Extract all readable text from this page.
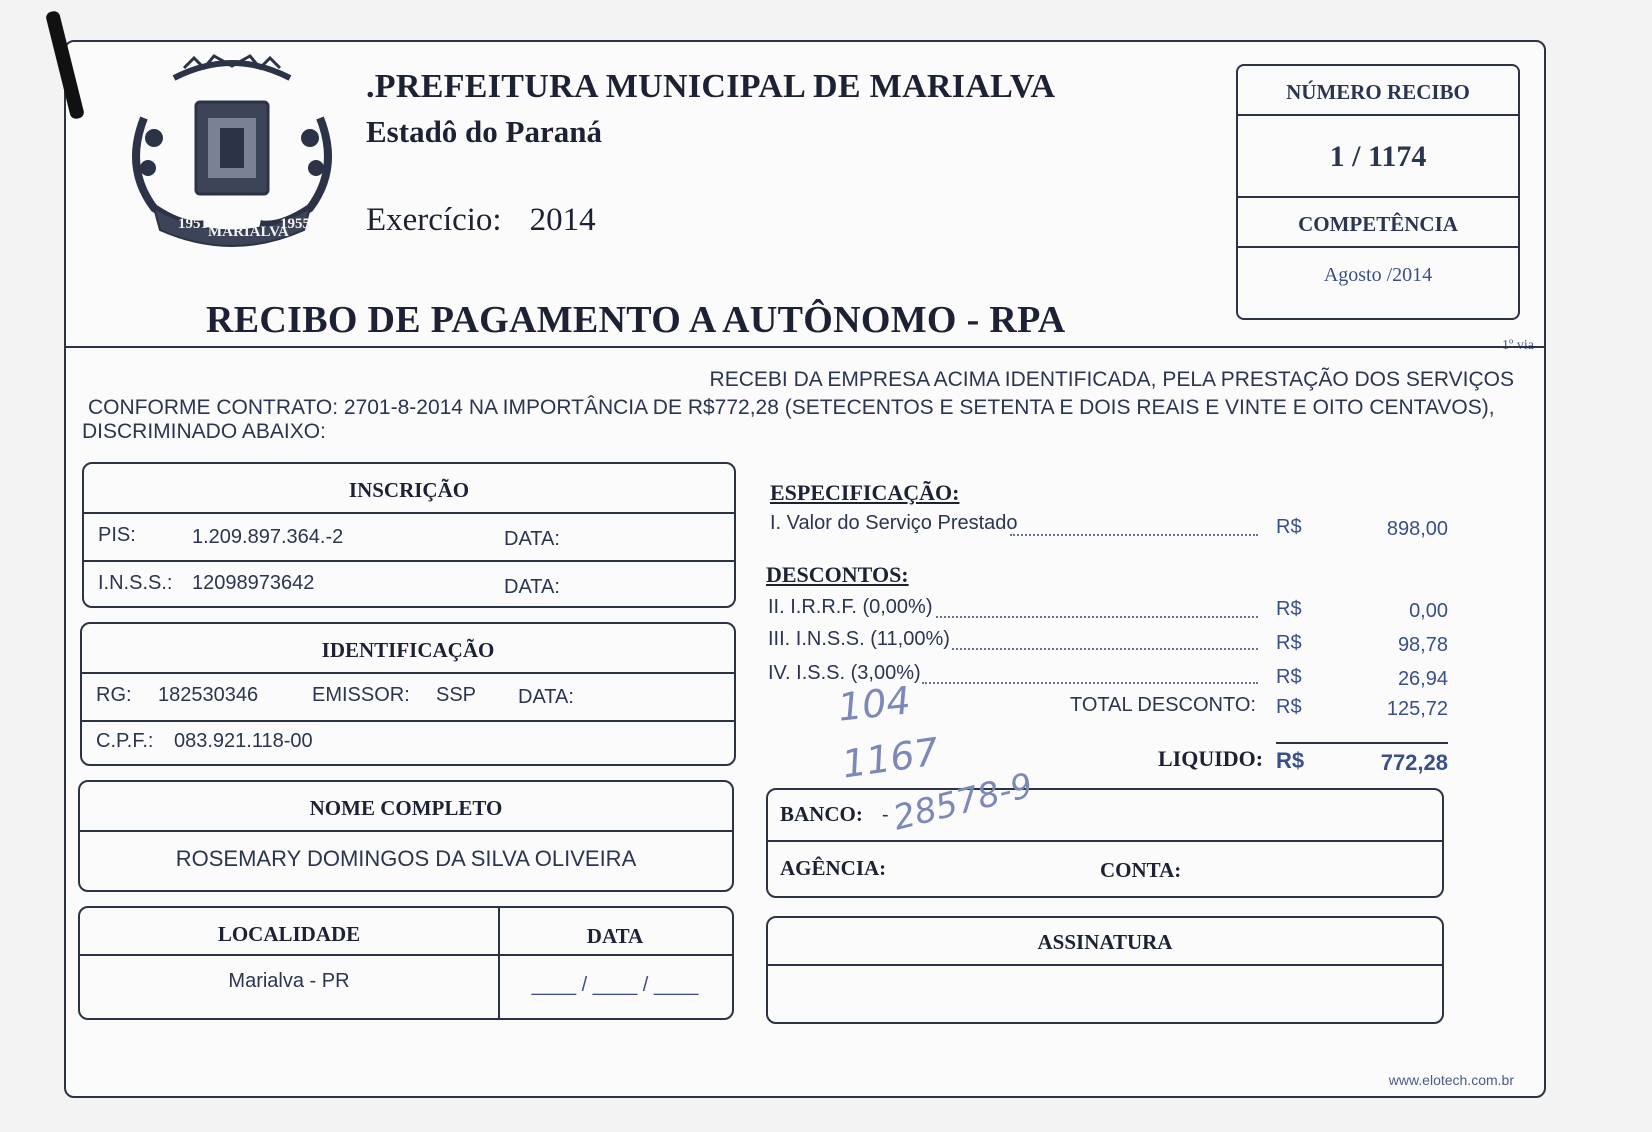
1951 MARIALVA
1955
.PREFEITURA MUNICIPAL DE MARIALVA
Estadô do Paraná
Exercício: 2014
RECIBO DE PAGAMENTO A AUTÔNOMO - RPA
NÚMERO RECIBO
1 / 1174
COMPETÊNCIA
Agosto /2014
1º via
RECEBI DA EMPRESA ACIMA IDENTIFICADA, PELA PRESTAÇÃO DOS SERVIÇOS
CONFORME CONTRATO: 2701-8-2014 NA IMPORTÂNCIA DE R$772,28 (SETECENTOS E SETENTA E DOIS REAIS E VINTE E OITO CENTAVOS),
DISCRIMINADO ABAIXO:
INSCRIÇÃO
PIS:	1.209.897.364.-2	DATA:
I.N.S.S.: 12098973642	DATA:
IDENTIFICAÇÃO
RG: 182530346	EMISSOR: SSP DATA:
C.P.F.: 083.921.118-00
NOME COMPLETO
ROSEMARY DOMINGOS DA SILVA OLIVEIRA
LOCALIDADE	DATA
Marialva - PR	____ / ____ / ____
ESPECIFICAÇÃO:
I. Valor do Serviço Prestado	R$	898,00
DESCONTOS:
II. I.R.R.F. (0,00%)	R$	0,00
III. I.N.S.S. (11,00%)	R$	98,78
IV. I.S.S. (3,00%)	R$	26,94
TOTAL DESCONTO: R$	125,72
LIQUIDO: R$	772,28
BANCO: -
AGÊNCIA:	CONTA:
ASSINATURA
104
1167
28578-9
www.elotech.com.br
